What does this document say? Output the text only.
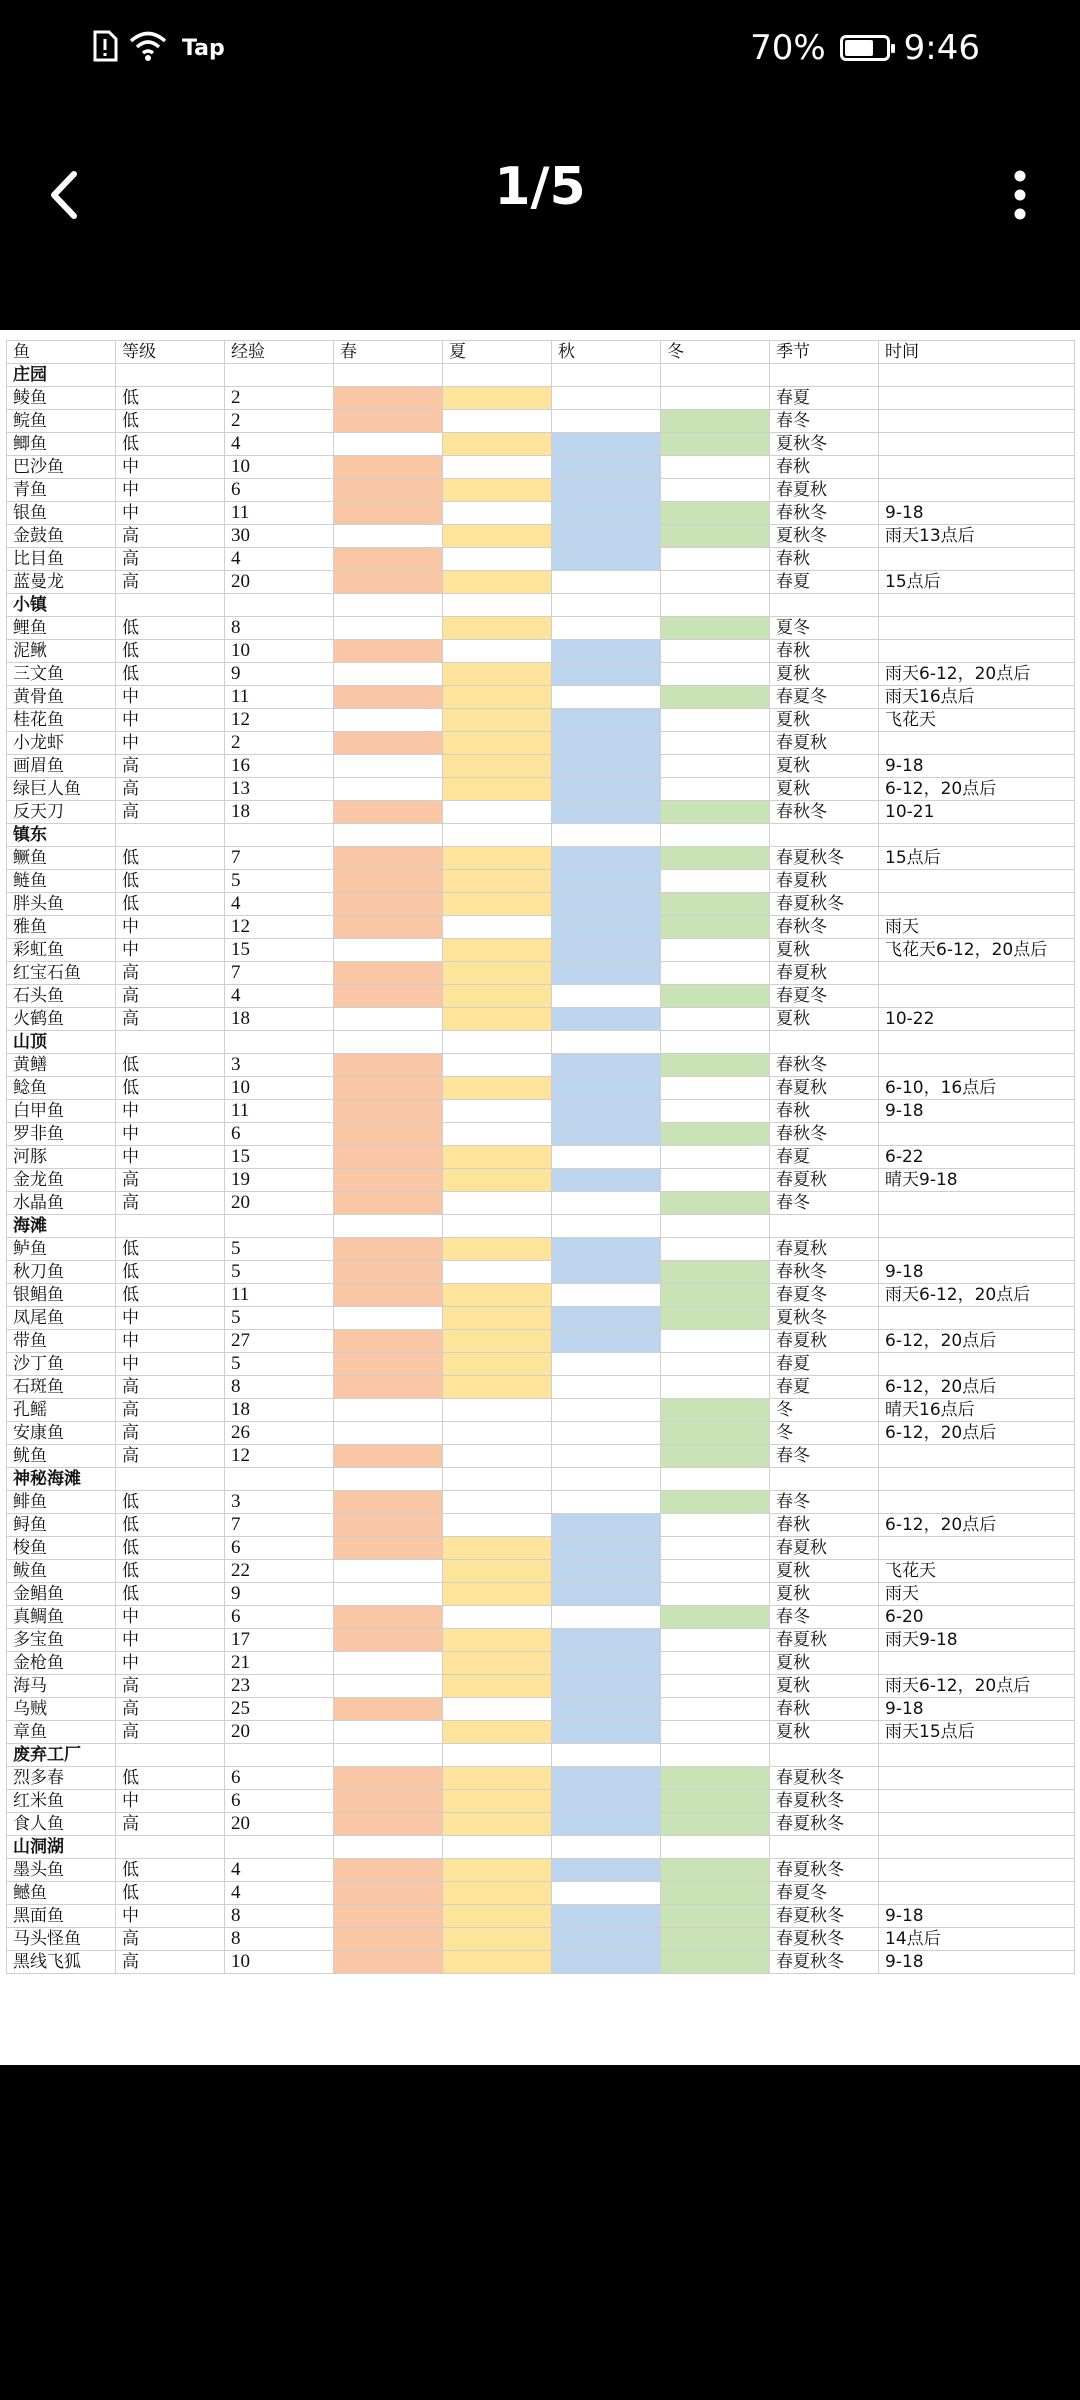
Tap	70% 9:46
1/5
鱼	等级	经验	春	夏	秋	冬	季节	时间
庄园								
鲮鱼	低	2					春夏	
鲩鱼	低	2					春冬	
鲫鱼	低	4					夏秋冬	
巴沙鱼	中	10					春秋	
青鱼	中	6					春夏秋	
银鱼	中	11					春秋冬	9-18
金鼓鱼	高	30					夏秋冬	雨天13点后
比目鱼	高	4					春秋	
蓝曼龙	高	20					春夏	15点后
小镇								
鲤鱼	低	8					夏冬	
泥鳅	低	10					春秋	
三文鱼	低	9					夏秋	雨天6-12，20点后
黄骨鱼	中	11					春夏冬	雨天16点后
桂花鱼	中	12					夏秋	飞花天
小龙虾	中	2					春夏秋	
画眉鱼	高	16					夏秋	9-18
绿巨人鱼	高	13					夏秋	6-12，20点后
反天刀	高	18					春秋冬	10-21
镇东								
鳜鱼	低	7					春夏秋冬	15点后
鲢鱼	低	5					春夏秋	
胖头鱼	低	4					春夏秋冬	
雅鱼	中	12					春秋冬	雨天
彩虹鱼	中	15					夏秋	飞花天6-12，20点后
红宝石鱼	高	7					春夏秋	
石头鱼	高	4					春夏冬	
火鹤鱼	高	18					夏秋	10-22
山顶								
黄鳝	低	3					春秋冬	
鲶鱼	低	10					春夏秋	6-10，16点后
白甲鱼	中	11					春秋	9-18
罗非鱼	中	6					春秋冬	
河豚	中	15					春夏	6-22
金龙鱼	高	19					春夏秋	晴天9-18
水晶鱼	高	20					春冬	
海滩								
鲈鱼	低	5					春夏秋	
秋刀鱼	低	5					春秋冬	9-18
银鲳鱼	低	11					春夏冬	雨天6-12，20点后
凤尾鱼	中	5					夏秋冬	
带鱼	中	27					春夏秋	6-12，20点后
沙丁鱼	中	5					春夏	
石斑鱼	高	8					春夏	6-12，20点后
孔鳐	高	18					冬	晴天16点后
安康鱼	高	26					冬	6-12，20点后
鱿鱼	高	12					春冬	
神秘海滩								
鲱鱼	低	3					春冬	
鲟鱼	低	7					春秋	6-12，20点后
梭鱼	低	6					春夏秋	
鲅鱼	低	22					夏秋	飞花天
金鲳鱼	低	9					夏秋	雨天
真鲷鱼	中	6					春冬	6-20
多宝鱼	中	17					春夏秋	雨天9-18
金枪鱼	中	21					夏秋	
海马	高	23					夏秋	雨天6-12，20点后
乌贼	高	25					春秋	9-18
章鱼	高	20					夏秋	雨天15点后
废弃工厂								
烈多春	低	6					春夏秋冬	
红米鱼	中	6					春夏秋冬	
食人鱼	高	20					春夏秋冬	
山洞湖								
墨头鱼	低	4					春夏秋冬	
鳡鱼	低	4					春夏冬	
黑面鱼	中	8					春夏秋冬	9-18
马头怪鱼	高	8					春夏秋冬	14点后
黑线飞狐	高	10					春夏秋冬	9-18
